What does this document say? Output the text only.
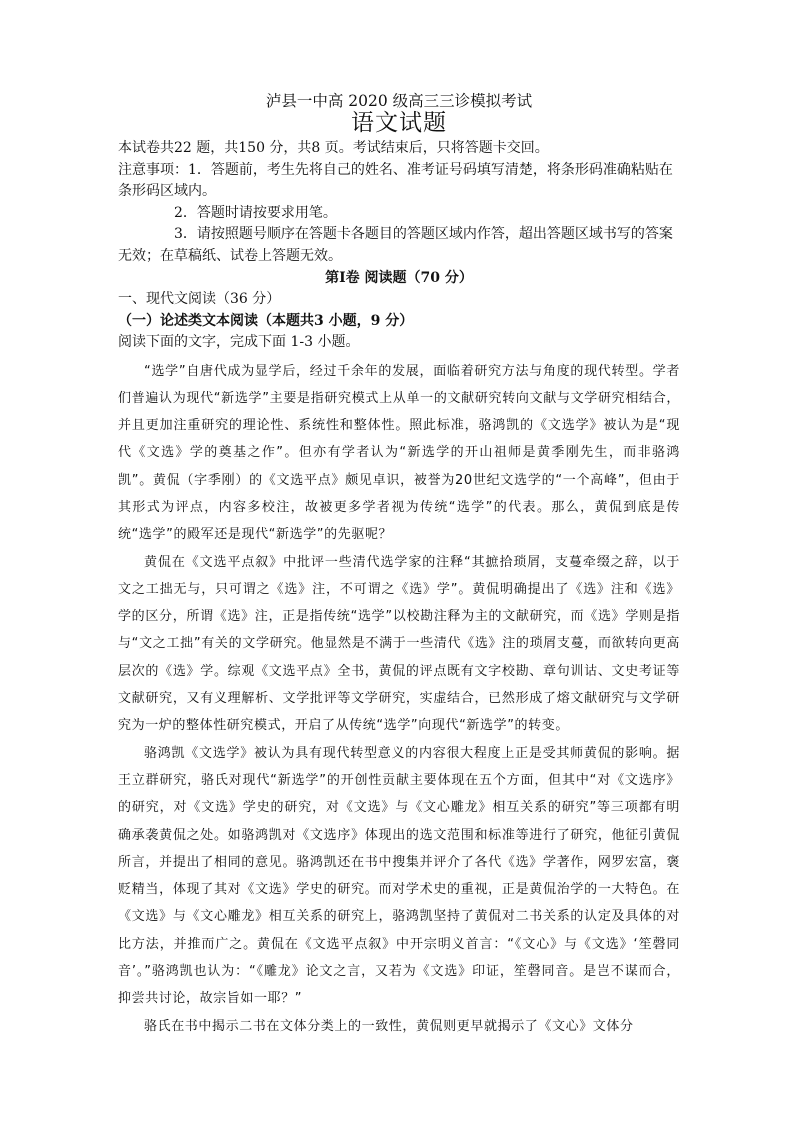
泸县一中高 2020 级高三三诊模拟考试
语文试题

本试卷共22 题，共150 分，共8 页。考试结束后，只将答题卡交回。

注意事项：1．答题前，考生先将自己的姓名、准考证号码填写清楚，将条形码准确粘贴在条形码区域内。

2．答题时请按要求用笔。

3．请按照题号顺序在答题卡各题目的答题区域内作答，超出答题区域书写的答案无效；在草稿纸、试卷上答题无效。

第Ⅰ卷 阅读题（70 分）

一、现代文阅读（36 分）

（一）论述类文本阅读（本题共3 小题，9 分）

阅读下面的文字，完成下面 1-3 小题。

“选学”自唐代成为显学后，经过千余年的发展，面临着研究方法与角度的现代转型。学者们普遍认为现代“新选学”主要是指研究模式上从单一的文献研究转向文献与文学研究相结合，并且更加注重研究的理论性、系统性和整体性。照此标准，骆鸿凯的《文选学》被认为是“现代《文选》学的奠基之作”。但亦有学者认为“新选学的开山祖师是黄季刚先生，而非骆鸿凯”。黄侃（字季刚）的《文选平点》颇见卓识，被誉为20世纪文选学的“一个高峰”，但由于其形式为评点，内容多校注，故被更多学者视为传统“选学”的代表。那么，黄侃到底是传统“选学”的殿军还是现代“新选学”的先驱呢？

黄侃在《文选平点叙》中批评一些清代选学家的注释“其摭拾琐屑，支蔓牵缀之辞，以于文之工拙无与，只可谓之《选》注，不可谓之《选》学”。黄侃明确提出了《选》注和《选》学的区分，所谓《选》注，正是指传统“选学”以校勘注释为主的文献研究，而《选》学则是指与“文之工拙”有关的文学研究。他显然是不满于一些清代《选》注的琐屑支蔓，而欲转向更高层次的《选》学。综观《文选平点》全书，黄侃的评点既有文字校勘、章句训诂、文史考证等文献研究，又有义理解析、文学批评等文学研究，实虚结合，已然形成了熔文献研究与文学研究为一炉的整体性研究模式，开启了从传统“选学”向现代“新选学”的转变。

骆鸿凯《文选学》被认为具有现代转型意义的内容很大程度上正是受其师黄侃的影响。据王立群研究，骆氏对现代“新选学”的开创性贡献主要体现在五个方面，但其中“对《文选序》的研究，对《文选》学史的研究，对《文选》与《文心雕龙》相互关系的研究”等三项都有明确承袭黄侃之处。如骆鸿凯对《文选序》体现出的选文范围和标准等进行了研究，他征引黄侃所言，并提出了相同的意见。骆鸿凯还在书中搜集并评介了各代《选》学著作，网罗宏富，褒贬精当，体现了其对《文选》学史的研究。而对学术史的重视，正是黄侃治学的一大特色。在《文选》与《文心雕龙》相互关系的研究上，骆鸿凯坚持了黄侃对二书关系的认定及具体的对比方法，并推而广之。黄侃在《文选平点叙》中开宗明义首言：“《文心》与《文选》‘笙磬同音’。”骆鸿凯也认为：“《雕龙》论文之言，又若为《文选》印证，笙磬同音。是岂不谋而合，抑尝共讨论，故宗旨如一耶？”

骆氏在书中揭示二书在文体分类上的一致性，黄侃则更早就揭示了《文心》文体分
